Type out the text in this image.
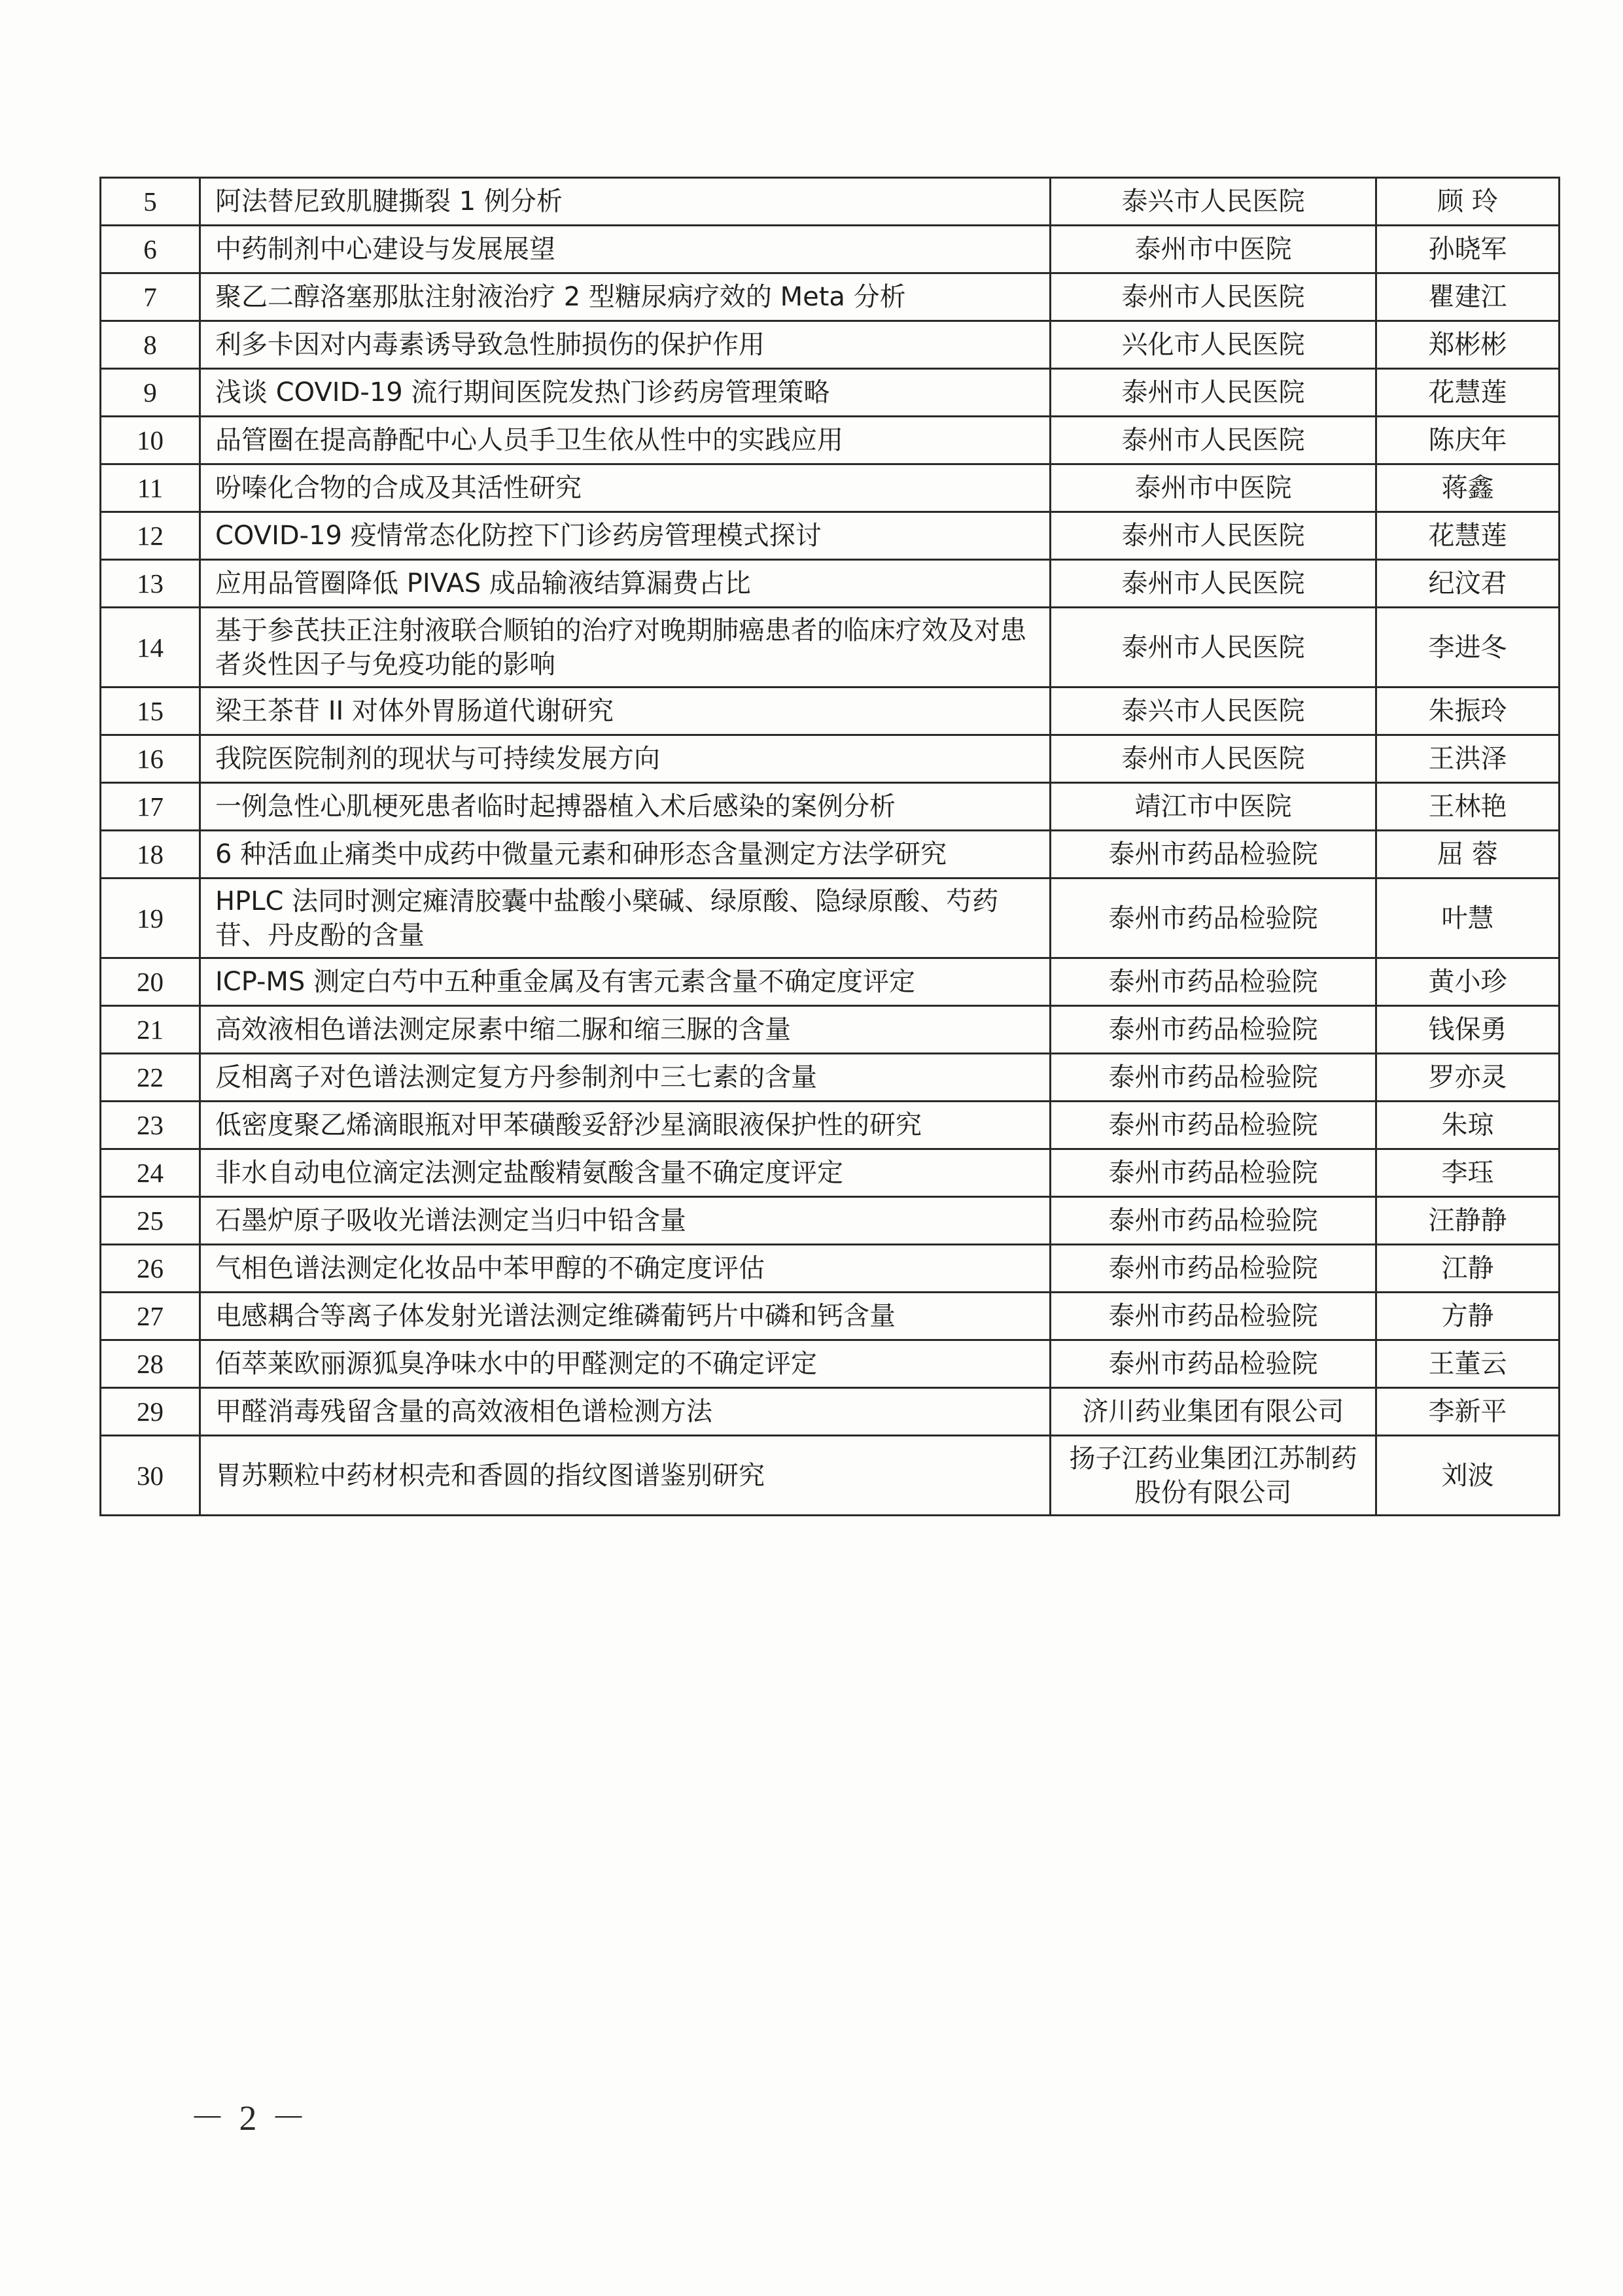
5	阿法替尼致肌腱撕裂 1 例分析	泰兴市人民医院	顾 玲
6	中药制剂中心建设与发展展望	泰州市中医院	孙晓军
7	聚乙二醇洛塞那肽注射液治疗 2 型糖尿病疗效的 Meta 分析	泰州市人民医院	瞿建江
8	利多卡因对内毒素诱导致急性肺损伤的保护作用	兴化市人民医院	郑彬彬
9	浅谈 COVID-19 流行期间医院发热门诊药房管理策略	泰州市人民医院	花慧莲
10	品管圈在提高静配中心人员手卫生依从性中的实践应用	泰州市人民医院	陈庆年
11	吩嗪化合物的合成及其活性研究	泰州市中医院	蒋鑫
12	COVID-19 疫情常态化防控下门诊药房管理模式探讨	泰州市人民医院	花慧莲
13	应用品管圈降低 PIVAS 成品输液结算漏费占比	泰州市人民医院	纪汶君
14	基于参芪扶正注射液联合顺铂的治疗对晚期肺癌患者的临床疗效及对患者炎性因子与免疫功能的影响	泰州市人民医院	李进冬
15	梁王茶苷 II 对体外胃肠道代谢研究	泰兴市人民医院	朱振玲
16	我院医院制剂的现状与可持续发展方向	泰州市人民医院	王洪泽
17	一例急性心肌梗死患者临时起搏器植入术后感染的案例分析	靖江市中医院	王林艳
18	6 种活血止痛类中成药中微量元素和砷形态含量测定方法学研究	泰州市药品检验院	屈 蓉
19	HPLC 法同时测定瘫清胶囊中盐酸小檗碱、绿原酸、隐绿原酸、芍药苷、丹皮酚的含量	泰州市药品检验院	叶慧
20	ICP-MS 测定白芍中五种重金属及有害元素含量不确定度评定	泰州市药品检验院	黄小珍
21	高效液相色谱法测定尿素中缩二脲和缩三脲的含量	泰州市药品检验院	钱保勇
22	反相离子对色谱法测定复方丹参制剂中三七素的含量	泰州市药品检验院	罗亦灵
23	低密度聚乙烯滴眼瓶对甲苯磺酸妥舒沙星滴眼液保护性的研究	泰州市药品检验院	朱琼
24	非水自动电位滴定法测定盐酸精氨酸含量不确定度评定	泰州市药品检验院	李珏
25	石墨炉原子吸收光谱法测定当归中铅含量	泰州市药品检验院	汪静静
26	气相色谱法测定化妆品中苯甲醇的不确定度评估	泰州市药品检验院	江静
27	电感耦合等离子体发射光谱法测定维磷葡钙片中磷和钙含量	泰州市药品检验院	方静
28	佰萃莱欧丽源狐臭净味水中的甲醛测定的不确定评定	泰州市药品检验院	王董云
29	甲醛消毒残留含量的高效液相色谱检测方法	济川药业集团有限公司	李新平
30	胃苏颗粒中药材枳壳和香圆的指纹图谱鉴别研究	扬子江药业集团江苏制药股份有限公司	刘波
－ 2 －
